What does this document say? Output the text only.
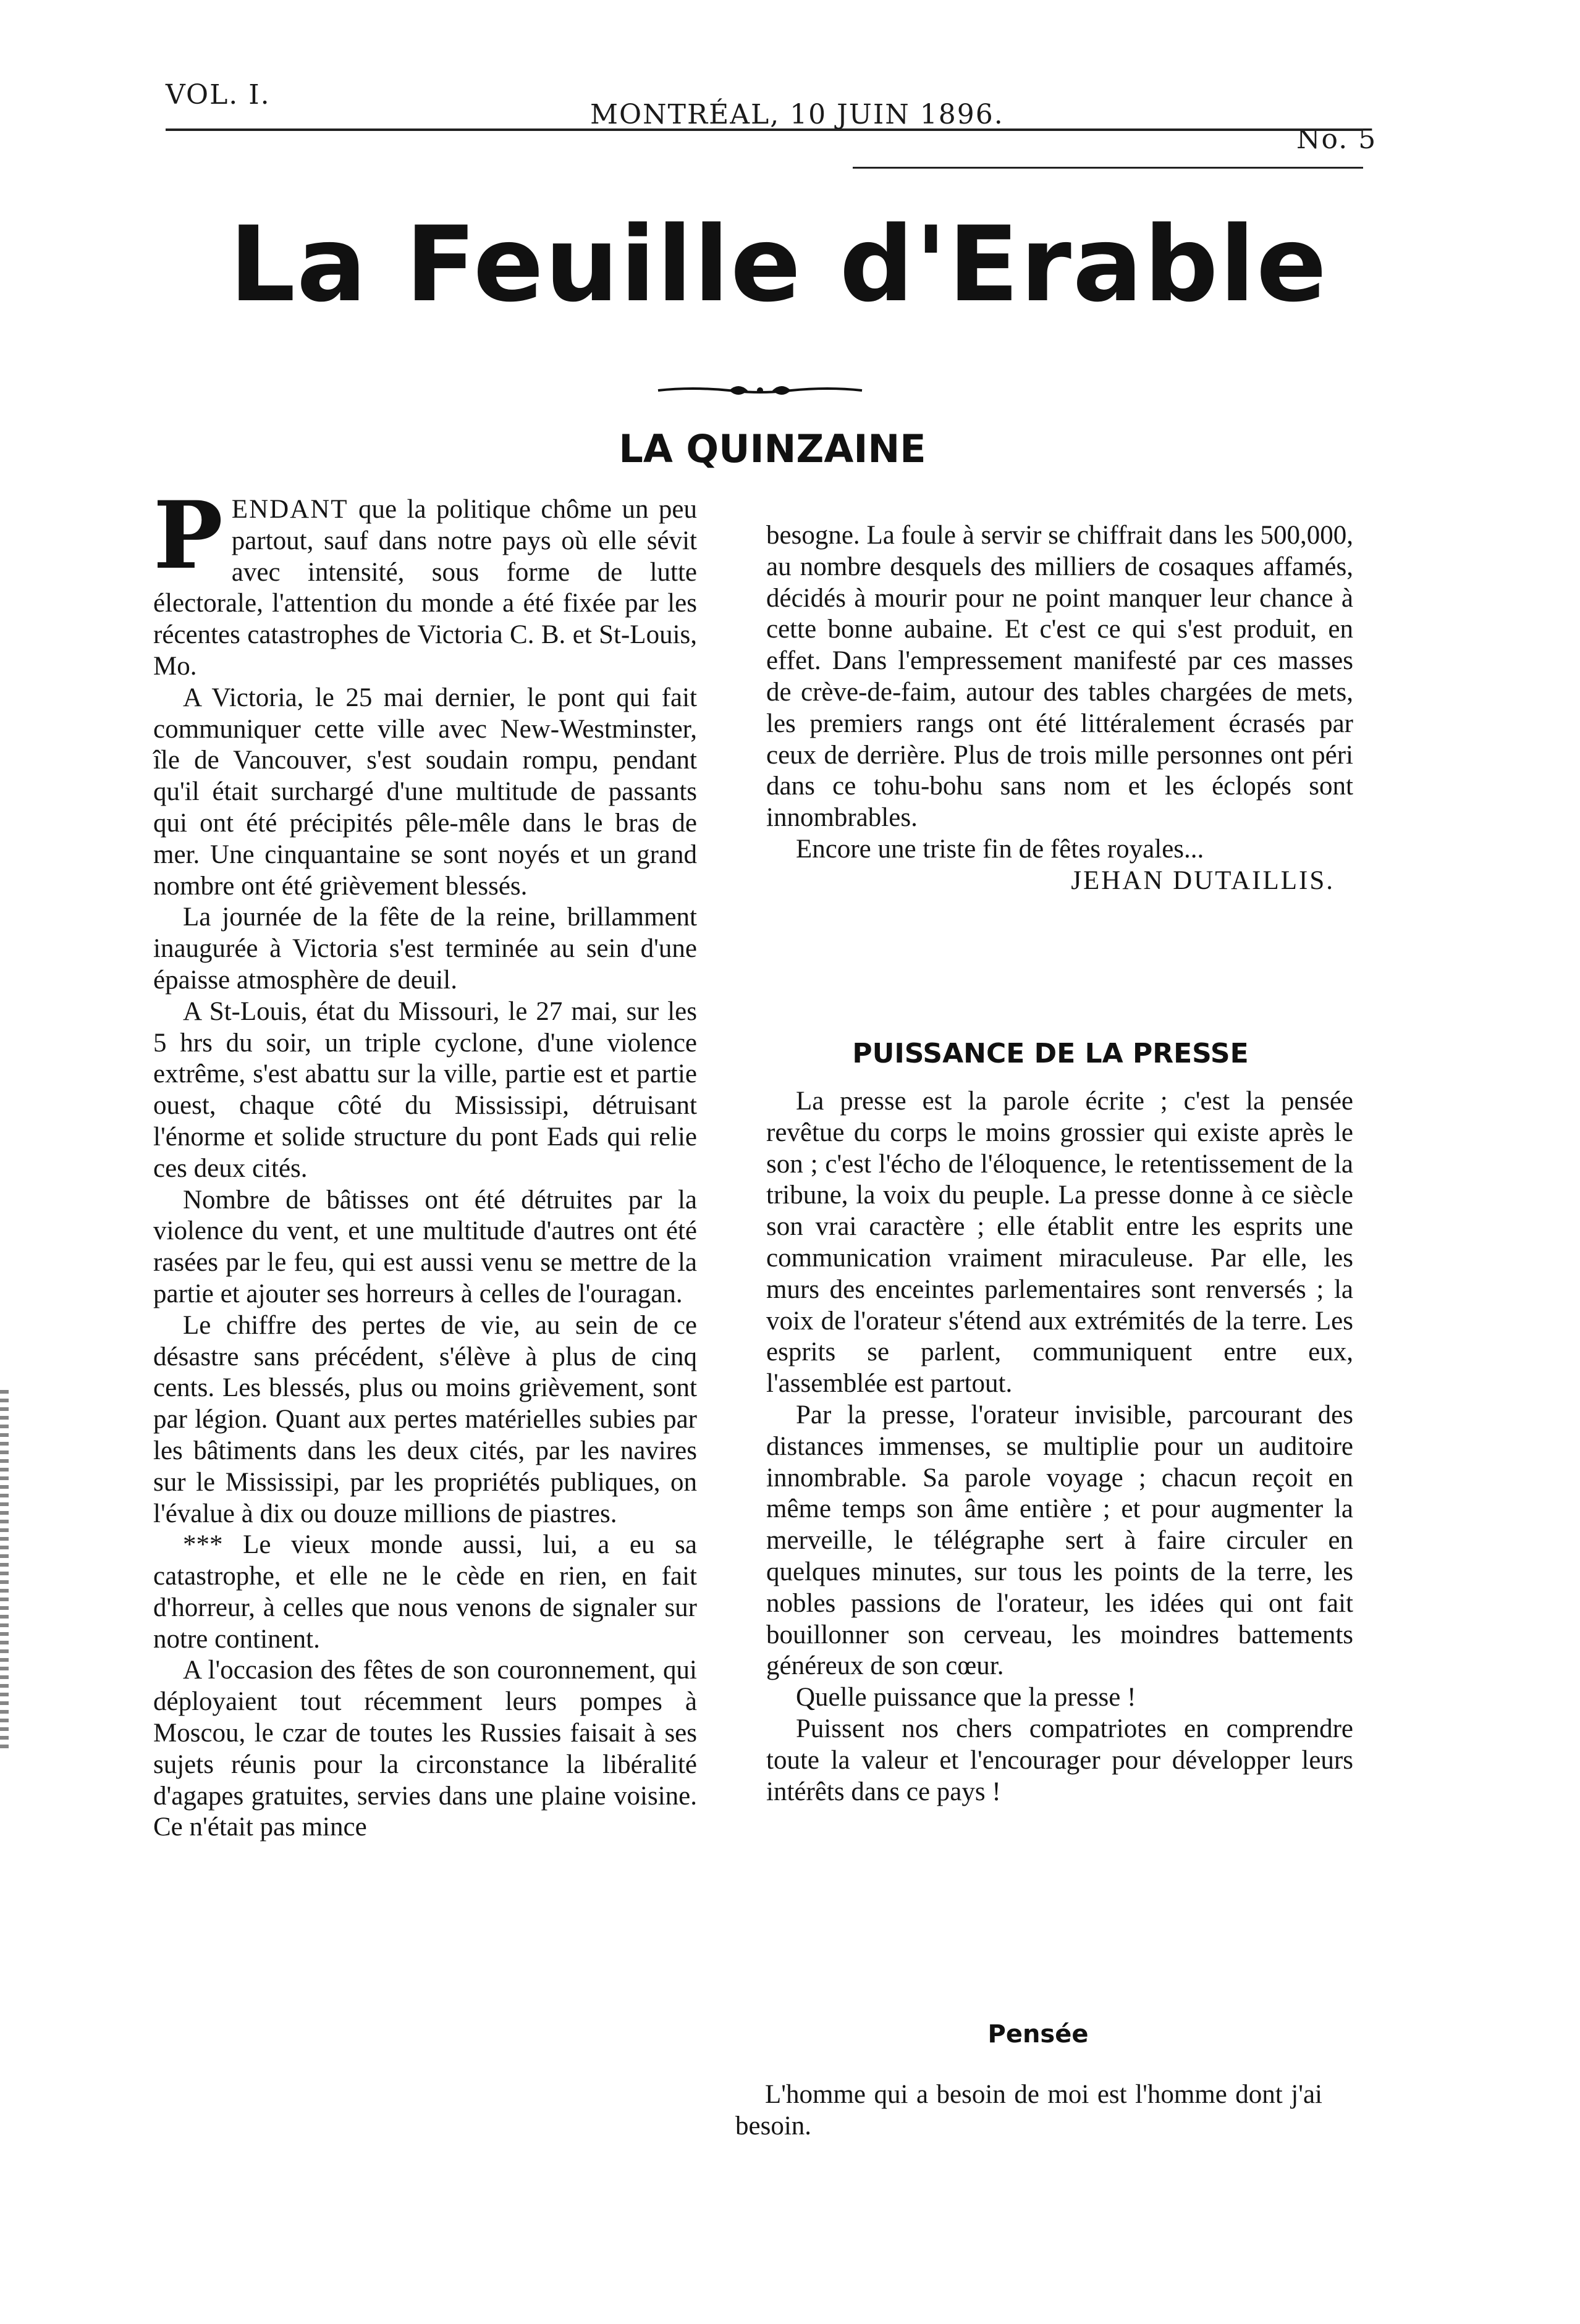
VOL. I.
MONTRÉAL, 10 JUIN 1896.
No. 5
La Feuille d'Erable
LA QUINZAINE

PENDANT que la politique chôme un peu partout, sauf dans notre pays où elle sévit avec intensité, sous forme de lutte électorale, l'attention du monde a été fixée par les récentes catastrophes de Victoria C. B. et St-Louis, Mo.

A Victoria, le 25 mai dernier, le pont qui fait communiquer cette ville avec New-Westminster, île de Vancouver, s'est soudain rompu, pendant qu'il était surchargé d'une multitude de passants qui ont été précipités pêle-mêle dans le bras de mer. Une cinquantaine se sont noyés et un grand nombre ont été grièvement blessés.

La journée de la fête de la reine, brillamment inaugurée à Victoria s'est terminée au sein d'une épaisse atmosphère de deuil.

A St-Louis, état du Missouri, le 27 mai, sur les 5 hrs du soir, un triple cyclone, d'une violence extrême, s'est abattu sur la ville, partie est et partie ouest, chaque côté du Mississipi, détruisant l'énorme et solide structure du pont Eads qui relie ces deux cités.

Nombre de bâtisses ont été détruites par la violence du vent, et une multitude d'autres ont été rasées par le feu, qui est aussi venu se mettre de la partie et ajouter ses horreurs à celles de l'ouragan.

Le chiffre des pertes de vie, au sein de ce désastre sans précédent, s'élève à plus de cinq cents. Les blessés, plus ou moins grièvement, sont par légion. Quant aux pertes matérielles subies par les bâtiments dans les deux cités, par les navires sur le Mississipi, par les propriétés publiques, on l'évalue à dix ou douze millions de piastres.

*** Le vieux monde aussi, lui, a eu sa catastrophe, et elle ne le cède en rien, en fait d'horreur, à celles que nous venons de signaler sur notre continent.

A l'occasion des fêtes de son couronnement, qui déployaient tout récemment leurs pompes à Moscou, le czar de toutes les Russies faisait à ses sujets réunis pour la circonstance la libéralité d'agapes gratuites, servies dans une plaine voisine. Ce n'était pas mince

besogne. La foule à servir se chiffrait dans les 500,000, au nombre desquels des milliers de cosaques affamés, décidés à mourir pour ne point manquer leur chance à cette bonne aubaine. Et c'est ce qui s'est produit, en effet. Dans l'empressement manifesté par ces masses de crève-de-faim, autour des tables chargées de mets, les premiers rangs ont été littéralement écrasés par ceux de derrière. Plus de trois mille personnes ont péri dans ce tohu-bohu sans nom et les éclopés sont innombrables.

Encore une triste fin de fêtes royales...

JEHAN DUTAILLIS.

PUISSANCE DE LA PRESSE

La presse est la parole écrite ; c'est la pensée revêtue du corps le moins grossier qui existe après le son ; c'est l'écho de l'éloquence, le retentissement de la tribune, la voix du peuple. La presse donne à ce siècle son vrai caractère ; elle établit entre les esprits une communication vraiment miraculeuse. Par elle, les murs des enceintes parlementaires sont renversés ; la voix de l'orateur s'étend aux extrémités de la terre. Les esprits se parlent, communiquent entre eux, l'assemblée est partout.

Par la presse, l'orateur invisible, parcourant des distances immenses, se multiplie pour un auditoire innombrable. Sa parole voyage ; chacun reçoit en même temps son âme entière ; et pour augmenter la merveille, le télégraphe sert à faire circuler en quelques minutes, sur tous les points de la terre, les nobles passions de l'orateur, les idées qui ont fait bouillonner son cerveau, les moindres battements généreux de son cœur.

Quelle puissance que la presse !

Puissent nos chers compatriotes en comprendre toute la valeur et l'encourager pour développer leurs intérêts dans ce pays !

Pensée

L'homme qui a besoin de moi est l'homme dont j'ai besoin.
